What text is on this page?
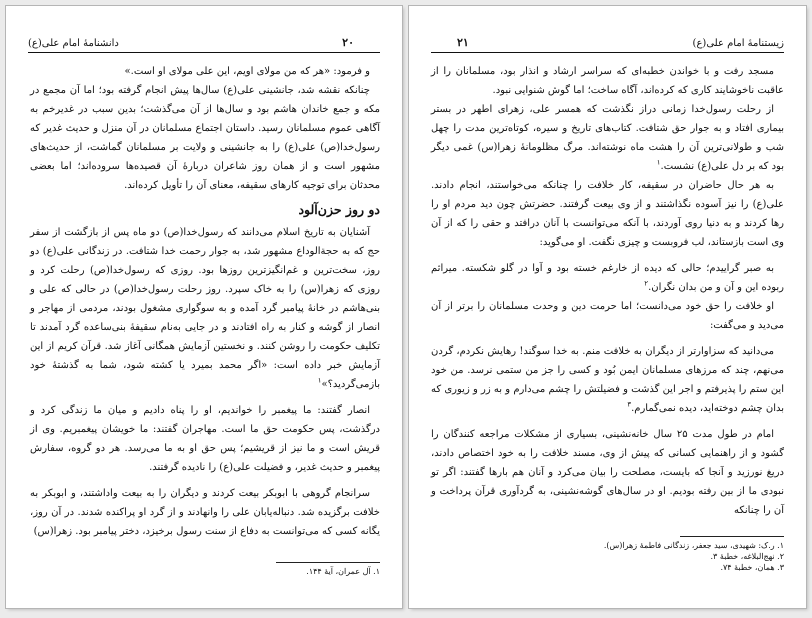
دانشنامهٔ امام علی(ع)	۲۰

و فرمود: «هر که من مولای اویم، این علی مولای او است.»

چنانکه نقشه شد، جانشینی علی(ع) سال‌ها پیش انجام گرفته بود؛ اما آن مجمع در مکه و جمع خاندان هاشم بود و سال‌ها از آن می‌گذشت؛ بدین سبب در غدیرخم به آگاهی عموم مسلمانان رسید. داستان اجتماع مسلمانان در آن منزل و حدیث غدیر که رسول‌خدا(ص) علی(ع) را به جانشینی و ولایت بر مسلمانان گماشت، از حدیث‌های مشهور است و از همان روز شاعران دربارهٔ آن قصیده‌ها سروده‌اند؛ اما بعضی محدثان برای توجیه کارهای سقیفه، معنای آن را تأویل کرده‌اند.

دو روز حزن‌آلود

آشنایان به تاریخ اسلام می‌دانند که رسول‌خدا(ص) دو ماه پس از بازگشت از سفر حج که به حجةالوداع مشهور شد، به جوار رحمت خدا شتافت. در زندگانی علی(ع) دو روز، سخت‌ترین و غم‌انگیزترین روزها بود. روزی که رسول‌خدا(ص) رحلت کرد و روزی که زهرا(س) را به خاک سپرد. روز رحلت رسول‌خدا(ص) در حالی که علی و بنی‌هاشم در خانهٔ پیامبر گرد آمده و به سوگواری مشغول بودند، مردمی از مهاجر و انصار از گوشه و کنار به راه افتادند و در جایی به‌نام سقیفهٔ بنی‌ساعده گرد آمدند تا تکلیف حکومت را روشن کنند. و نخستین آزمایش همگانی آغاز شد. قرآن کریم از این آزمایش خبر داده است: «اگر محمد بمیرد یا کشته شود، شما به گذشتهٔ خود بازمی‌گردید؟»$^۱$

انصار گفتند: ما پیغمبر را خواندیم، او را پناه دادیم و میان ما زندگی کرد و درگذشت، پس حکومت حق ما است. مهاجران گفتند: ما خویشان پیغمبریم. وی از قریش است و ما نیز از قریشیم؛ پس حق او به ما می‌رسد. هر دو گروه، سفارش پیغمبر و حدیث غدیر، و فضیلت علی(ع) را نادیده گرفتند.

سرانجام گروهی با ابوبکر بیعت کردند و دیگران را به بیعت واداشتند، و ابوبکر به خلافت برگزیده شد. دنباله‌یابان علی را وانهادند و از گرد او پراکنده شدند. در آن روز، یگانه کسی که می‌توانست به دفاع از سنت رسول برخیزد، دختر پیامبر بود. زهرا(س)

۱. آل عمران، آیهٔ ۱۴۴.

۲۱	زیستنامهٔ امام علی(ع)

مسجد رفت و با خواندن خطبه‌ای که سراسر ارشاد و انذار بود، مسلمانان را از عاقبت ناخوشایند کاری که کرده‌اند، آگاه ساخت؛ اما گوش شنوایی نبود.

از رحلت رسول‌خدا زمانی دراز نگذشت که همسر علی، زهرای اطهر در بستر بیماری افتاد و به جوار حق شتافت. کتاب‌های تاریخ و سیره، کوتاه‌ترین مدت را چهل شب و طولانی‌ترین آن را هشت ماه نوشته‌اند. مرگ مظلومانهٔ زهرا(س) غمی دیگر بود که بر دل علی(ع) نشست.$^۱$

به هر حال حاضران در سقیفه، کار خلافت را چنانکه می‌خواستند، انجام دادند. علی(ع) را نیز آسوده نگذاشتند و از وی بیعت گرفتند. حضرتش چون دید مردم او را رها کردند و به دنیا روی آوردند، با آنکه می‌توانست با آنان درافتد و حقی را که از آن وی است بازستاند، لب فروبست و چیزی نگفت. او می‌گوید:

به صبر گراییدم؛ حالی که دیده از خارغم خسته بود و آوا در گلو شکسته. میراثم ربوده این و آن و من بدان نگران.$^۲$

او خلافت را حق خود می‌دانست؛ اما حرمت دین و وحدت مسلمانان را برتر از آن می‌دید و می‌گفت:

می‌دانید که سزاوارتر از دیگران به خلافت منم. به خدا سوگند! رهایش نکردم، گردن می‌نهم، چند که مرزهای مسلمانان ایمن بُود و کسی را جز من ستمی نرسد. من خود این ستم را پذیرفتم و اجر این گذشت و فضیلتش را چشم می‌دارم و به زر و زیوری که بدان چشم دوخته‌اید، دیده نمی‌گمارم.$^۳$

امام در طول مدت ۲۵ سال خانه‌نشینی، بسیاری از مشکلات مراجعه کنندگان را گشود و از راهنمایی کسانی که پیش از وی، مسند خلافت را به خود اختصاص دادند، دریغ نورزید و آنجا که بایست، مصلحت را بیان می‌کرد و آنان هم بارها گفتند: اگر تو نبودی ما از بین رفته بودیم. او در سال‌های گوشه‌نشینی، به گردآوری قرآن پرداخت و آن را چنانکه

۱. ر.ک: شهیدی، سید جعفر، زندگانی فاطمهٔ زهرا(س).

۲. نهج‌البلاغه، خطبهٔ ۳.

۳. همان، خطبهٔ ۷۴.
